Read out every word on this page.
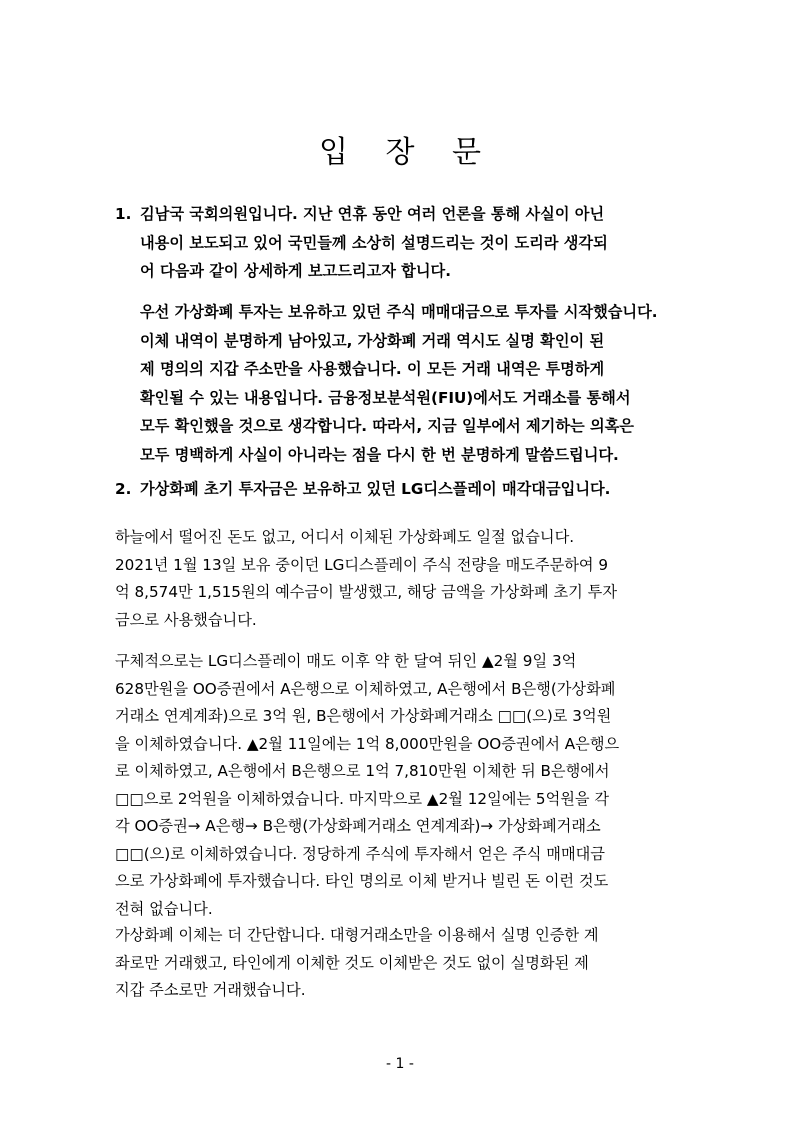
입 장 문
1. 김남국 국회의원입니다. 지난 연휴 동안 여러 언론을 통해 사실이 아닌
내용이 보도되고 있어 국민들께 소상히 설명드리는 것이 도리라 생각되
어 다음과 같이 상세하게 보고드리고자 합니다.
우선 가상화폐 투자는 보유하고 있던 주식 매매대금으로 투자를 시작했습니다.
이체 내역이 분명하게 남아있고, 가상화폐 거래 역시도 실명 확인이 된
제 명의의 지갑 주소만을 사용했습니다. 이 모든 거래 내역은 투명하게
확인될 수 있는 내용입니다. 금융정보분석원(FIU)에서도 거래소를 통해서
모두 확인했을 것으로 생각합니다. 따라서, 지금 일부에서 제기하는 의혹은
모두 명백하게 사실이 아니라는 점을 다시 한 번 분명하게 말씀드립니다.
2. 가상화폐 초기 투자금은 보유하고 있던 LG디스플레이 매각대금입니다.
하늘에서 떨어진 돈도 없고, 어디서 이체된 가상화폐도 일절 없습니다.
2021년 1월 13일 보유 중이던 LG디스플레이 주식 전량을 매도주문하여 9
억 8,574만 1,515원의 예수금이 발생했고, 해당 금액을 가상화폐 초기 투자
금으로 사용했습니다.
구체적으로는 LG디스플레이 매도 이후 약 한 달여 뒤인 ▲2월 9일 3억
628만원을 OO증권에서 A은행으로 이체하였고, A은행에서 B은행(가상화폐
거래소 연계계좌)으로 3억 원, B은행에서 가상화폐거래소 □□(으)로 3억원
을 이체하였습니다. ▲2월 11일에는 1억 8,000만원을 OO증권에서 A은행으
로 이체하였고, A은행에서 B은행으로 1억 7,810만원 이체한 뒤 B은행에서
□□으로 2억원을 이체하였습니다. 마지막으로 ▲2월 12일에는 5억원을 각
각 OO증권→ A은행→ B은행(가상화폐거래소 연계계좌)→ 가상화폐거래소
□□(으)로 이체하였습니다. 정당하게 주식에 투자해서 얻은 주식 매매대금
으로 가상화폐에 투자했습니다. 타인 명의로 이체 받거나 빌린 돈 이런 것도
전혀 없습니다.
가상화폐 이체는 더 간단합니다. 대형거래소만을 이용해서 실명 인증한 계
좌로만 거래했고, 타인에게 이체한 것도 이체받은 것도 없이 실명화된 제
지갑 주소로만 거래했습니다.

- 1 -
